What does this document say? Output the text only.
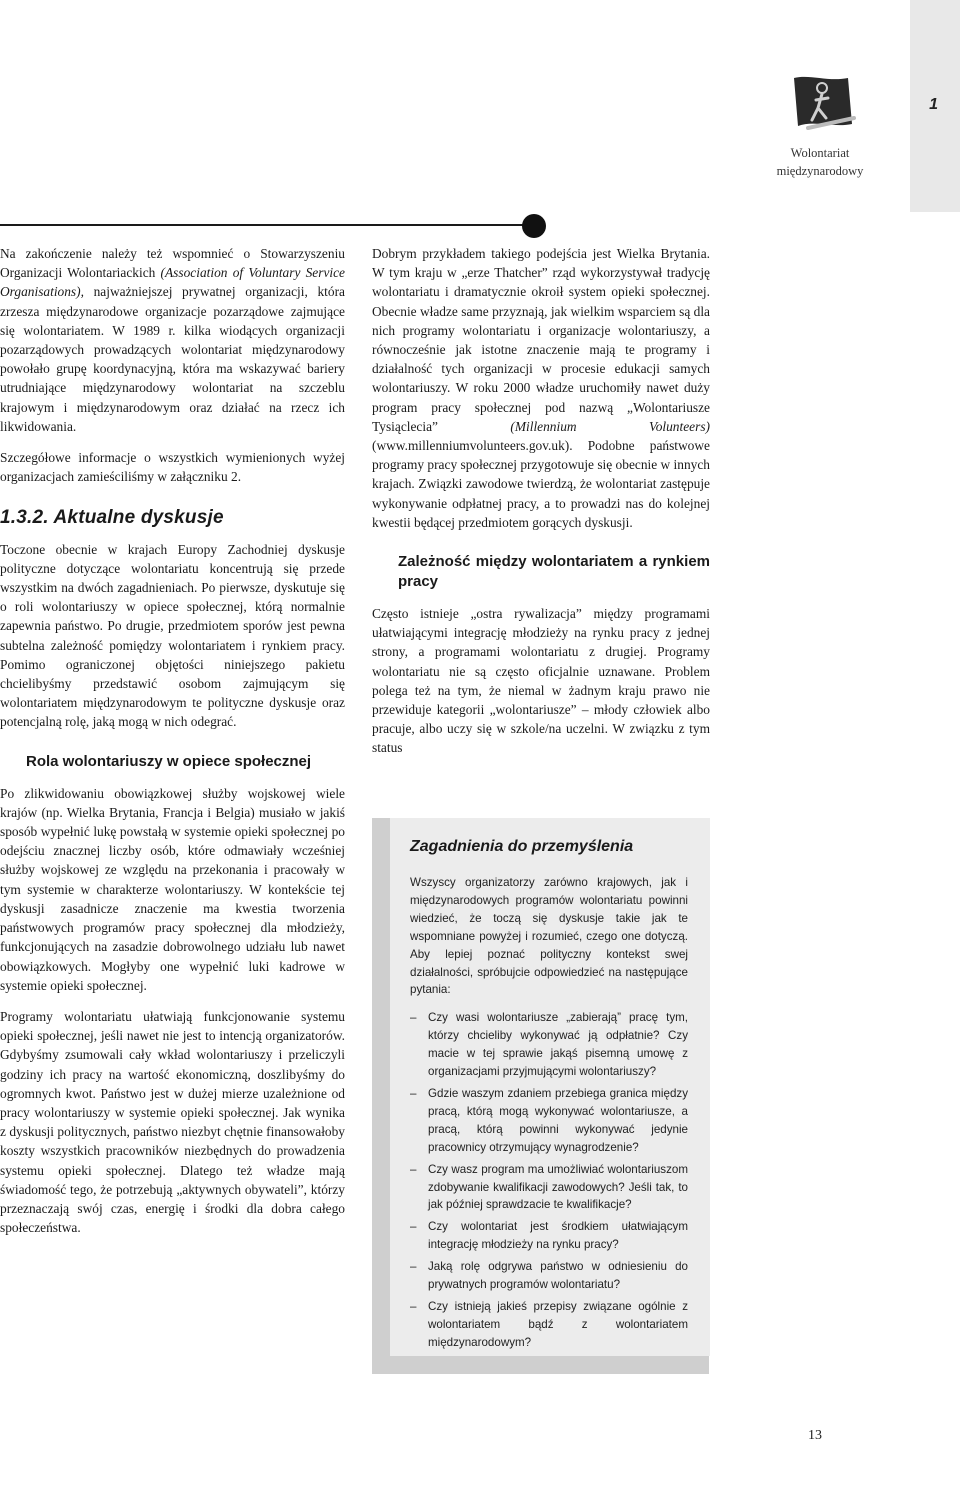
1
Wolontariat międzynarodowy

Na zakończenie należy też wspomnieć o Stowarzyszeniu Organizacji Wolontariackich (Association of Voluntary Service Organisations), najważniejszej prywatnej organizacji, która zrzesza międzynarodowe organizacje pozarządowe zajmujące się wolontariatem. W 1989 r. kilka wiodących organizacji pozarządowych prowadzących wolontariat międzynarodowy powołało grupę koordynacyjną, która ma wskazywać bariery utrudniające międzynarodowy wolontariat na szczeblu krajowym i międzynarodowym oraz działać na rzecz ich likwidowania.

Szczegółowe informacje o wszystkich wymienionych wyżej organizacjach zamieściliśmy w załączniku 2.

1.3.2. Aktualne dyskusje

Toczone obecnie w krajach Europy Zachodniej dyskusje polityczne dotyczące wolontariatu koncentrują się przede wszystkim na dwóch zagadnieniach. Po pierwsze, dyskutuje się o roli wolontariuszy w opiece społecznej, którą normalnie zapewnia państwo. Po drugie, przedmiotem sporów jest pewna subtelna zależność pomiędzy wolontariatem i rynkiem pracy. Pomimo ograniczonej objętości niniejszego pakietu chcielibyśmy przedstawić osobom zajmującym się wolontariatem międzynarodowym te polityczne dyskusje oraz potencjalną rolę, jaką mogą w nich odegrać.

Rola wolontariuszy w opiece społecznej

Po zlikwidowaniu obowiązkowej służby wojskowej wiele krajów (np. Wielka Brytania, Francja i Belgia) musiało w jakiś sposób wypełnić lukę powstałą w systemie opieki społecznej po odejściu znacznej liczby osób, które odmawiały wcześniej służby wojskowej ze względu na przekonania i pracowały w tym systemie w charakterze wolontariuszy. W kontekście tej dyskusji zasadnicze znaczenie ma kwestia tworzenia państwowych programów pracy społecznej dla młodzieży, funkcjonujących na zasadzie dobrowolnego udziału lub nawet obowiązkowych. Mogłyby one wypełnić luki kadrowe w systemie opieki społecznej.

Programy wolontariatu ułatwiają funkcjonowanie systemu opieki społecznej, jeśli nawet nie jest to intencją organizatorów. Gdybyśmy zsumowali cały wkład wolontariuszy i przeliczyli godziny ich pracy na wartość ekonomiczną, doszlibyśmy do ogromnych kwot. Państwo jest w dużej mierze uzależnione od pracy wolontariuszy w systemie opieki społecznej. Jak wynika z dyskusji politycznych, państwo niezbyt chętnie finansowałoby koszty wszystkich pracowników niezbędnych do prowadzenia systemu opieki społecznej. Dlatego też władze mają świadomość tego, że potrzebują „aktywnych obywateli”, którzy przeznaczają swój czas, energię i środki dla dobra całego społeczeństwa.

Dobrym przykładem takiego podejścia jest Wielka Brytania. W tym kraju w „erze Thatcher” rząd wykorzystywał tradycję wolontariatu i dramatycznie okroił system opieki społecznej. Obecnie władze same przyznają, jak wielkim wsparciem są dla nich programy wolontariatu i organizacje wolontariuszy, a równocześnie jak istotne znaczenie mają te programy i działalność tych organizacji w procesie edukacji samych wolontariuszy. W roku 2000 władze uruchomiły nawet duży program pracy społecznej pod nazwą „Wolontariusze Tysiąclecia” (Millennium Volunteers) (www.millenniumvolunteers.gov.uk). Podobne państwowe programy pracy społecznej przygotowuje się obecnie w innych krajach. Związki zawodowe twierdzą, że wolontariat zastępuje wykonywanie odpłatnej pracy, a to prowadzi nas do kolejnej kwestii będącej przedmiotem gorących dyskusji.

Zależność między wolontariatem a rynkiem pracy

Często istnieje „ostra rywalizacja” między programami ułatwiającymi integrację młodzieży na rynku pracy z jednej strony, a programami wolontariatu z drugiej. Programy wolontariatu nie są często oficjalnie uznawane. Problem polega też na tym, że niemal w żadnym kraju prawo nie przewiduje kategorii „wolontariusze” – młody człowiek albo pracuje, albo uczy się w szkole/na uczelni. W związku z tym status

Zagadnienia do przemyślenia

Wszyscy organizatorzy zarówno krajowych, jak i międzynarodowych programów wolontariatu powinni wiedzieć, że toczą się dyskusje takie jak te wspomniane powyżej i rozumieć, czego one dotyczą. Aby lepiej poznać polityczny kontekst swej działalności, spróbujcie odpowiedzieć na następujące pytania:

– Czy wasi wolontariusze „zabierają” pracę tym, którzy chcieliby wykonywać ją odpłatnie? Czy macie w tej sprawie jakąś pisemną umowę z organizacjami przyjmującymi wolontariuszy?
– Gdzie waszym zdaniem przebiega granica między pracą, którą mogą wykonywać wolontariusze, a pracą, którą powinni wykonywać jedynie pracownicy otrzymujący wynagrodzenie?
– Czy wasz program ma umożliwiać wolontariuszom zdobywanie kwalifikacji zawodowych? Jeśli tak, to jak później sprawdzacie te kwalifikacje?
– Czy wolontariat jest środkiem ułatwiającym integrację młodzieży na rynku pracy?
– Jaką rolę odgrywa państwo w odniesieniu do prywatnych programów wolontariatu?
– Czy istnieją jakieś przepisy związane ogólnie z wolontariatem bądź z wolontariatem międzynarodowym?
13
